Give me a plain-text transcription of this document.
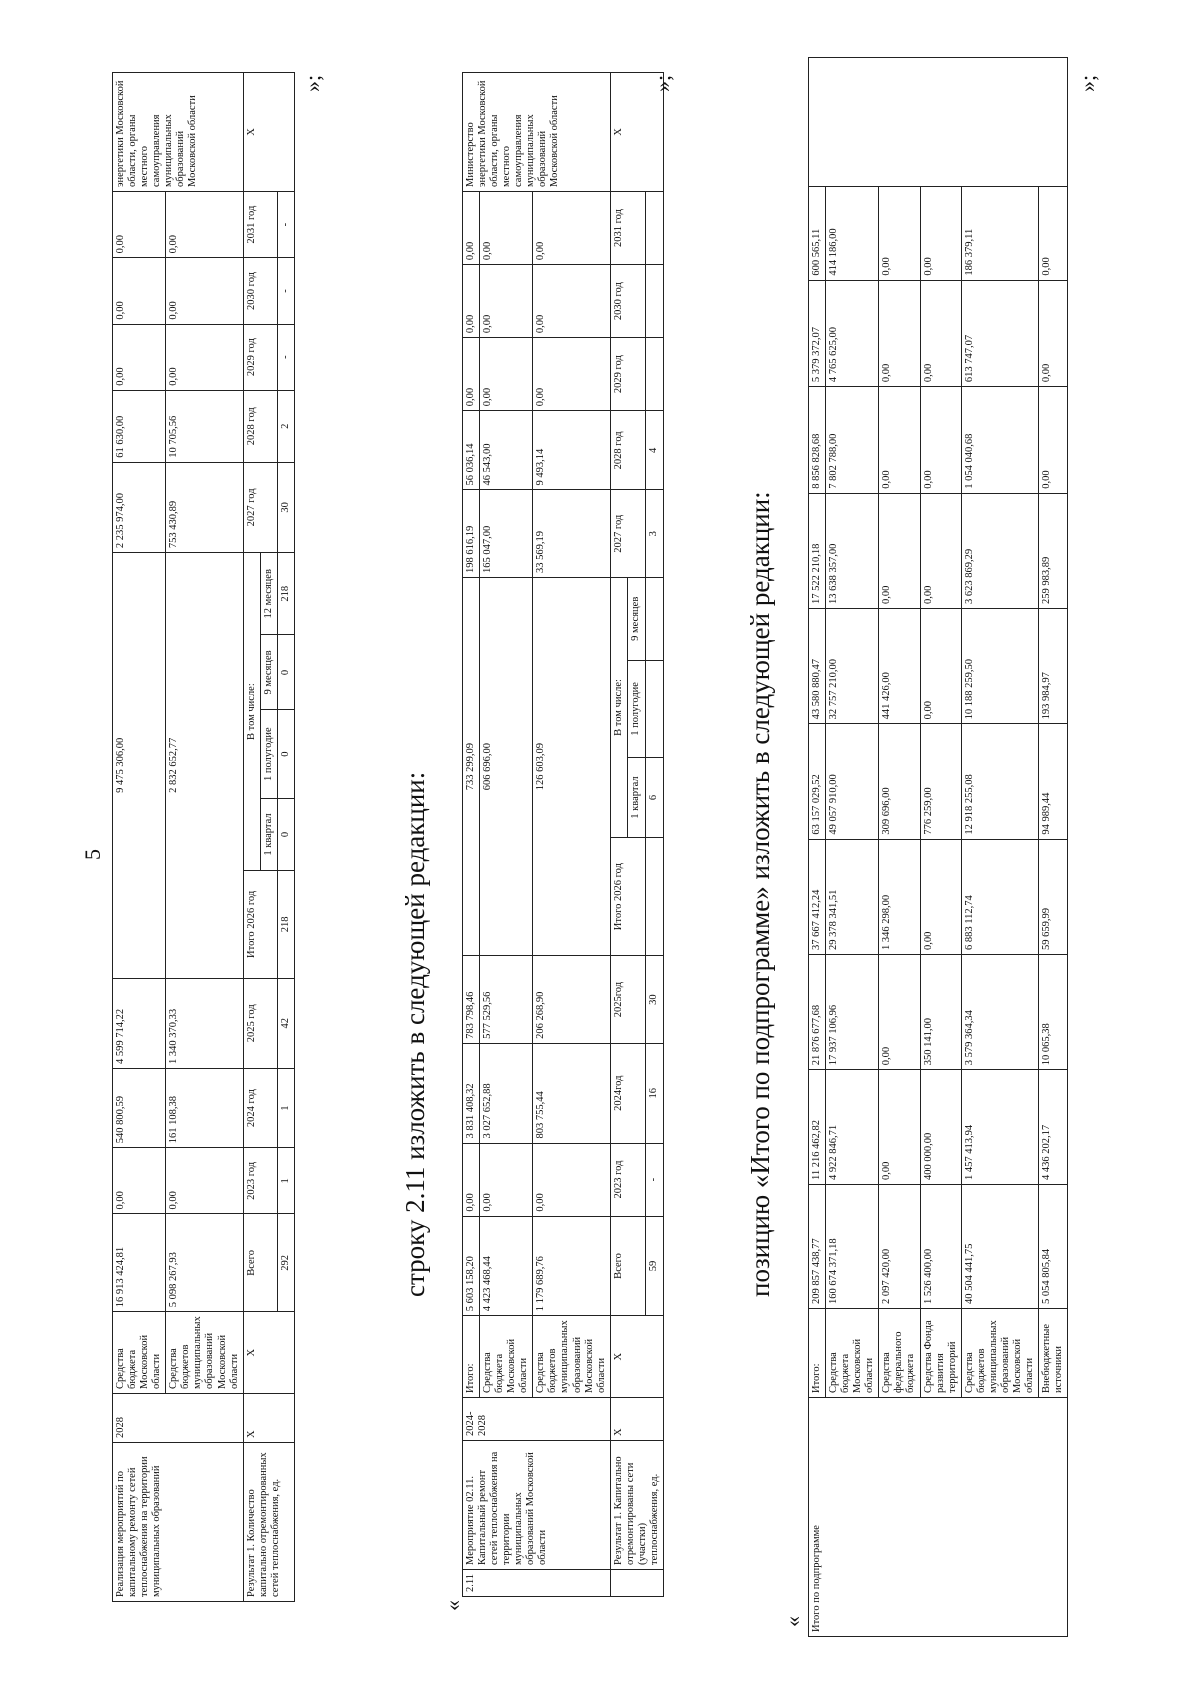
5
Реализация мероприятий по капитальному ремонту сетей теплоснабжения на территории муниципальных образований	2028	Средства бюджета Московской области	16 913 424,81	0,00	540 800,59	4 599 714,22	9 475 306,00					2 235 974,00	61 630,00	0,00	0,00	0,00	энергетики Московской области, органы местного самоуправления муниципальных образований Московской области
		Средства бюджетов муниципальных образований Московской области	5 098 267,93	0,00	161 108,38	1 340 370,33	2 832 652,77					753 430,89	10 705,56	0,00	0,00	0,00	
Результат 1. Количество капитально отремонтированных сетей теплоснабжения, ед.	Х	Х	Всего	2023 год	2024 год	2025 год	Итого 2026 год	В том числе:				2027 год	2028 год	2029 год	2030 год	2031 год	Х
								1 квартал	1 полугодие	9 месяцев	12 месяцев						
			292	1	1	42	218	0	0	0	218	30	2	-	-	-	
»;
строку 2.11 изложить в следующей редакции:
«
2.11	Мероприятие 02.11. Капитальный ремонт сетей теплоснабжения на территории муниципальных образований Московской области	2024-2028	Итого:	5 603 158,20	0,00	3 831 408,32	783 798,46	733 299,09				198 616,19	56 036,14	0,00	0,00	0,00	Министерство энергетики Московской области, органы местного самоуправления муниципальных образований Московской области
			Средства бюджета Московской области	4 423 468,44	0,00	3 027 652,88	577 529,56	606 696,00				165 047,00	46 543,00	0,00	0,00	0,00	
			Средства бюджетов муниципальных образований Московской области	1 179 689,76	0,00	803 755,44	206 268,90	126 603,09				33 569,19	9 493,14	0,00	0,00	0,00	
	Результат 1. Капитально отремонтированы сети (участки) теплоснабжения, ед.	Х	Х	Всего	2023 год	2024год	2025год	Итого 2026 год	В том числе:			2027 год	2028 год	2029 год	2030 год	2031 год	Х
									1 квартал	1 полугодие	9 месяцев						
				59	-	16	30		6			3	4				
»;
позицию «Итого по подпрограмме» изложить в следующей редакции:
« Итого по подпрограмме	Итого:	209 857 438,77	11 216 462,82	21 876 677,68	37 667 412,24	63 157 029,52	43 580 880,47	17 522 210,18	8 856 828,68	5 379 372,07	600 565,11	
	Средства бюджета Московской области	160 674 371,18	4 922 846,71	17 937 106,96	29 378 341,51	49 057 910,00	32 757 210,00	13 638 357,00	7 802 788,00	4 765 625,00	414 186,00	
	Средства федерального бюджета	2 097 420,00	0,00	0,00	1 346 298,00	309 696,00	441 426,00	0,00	0,00	0,00	0,00	
	Средства Фонда развития территорий	1 526 400,00	400 000,00	350 141,00	0,00	776 259,00	0,00	0,00	0,00	0,00	0,00	
	Средства бюджетов муниципальных образований Московской области	40 504 441,75	1 457 413,94	3 579 364,34	6 883 112,74	12 918 255,08	10 188 259,50	3 623 869,29	1 054 040,68	613 747,07	186 379,11	
	Внебюджетные источники	5 054 805,84	4 436 202,17	10 065,38	59 659,99	94 989,44	193 984,97	259 983,89	0,00	0,00	0,00	
»;
